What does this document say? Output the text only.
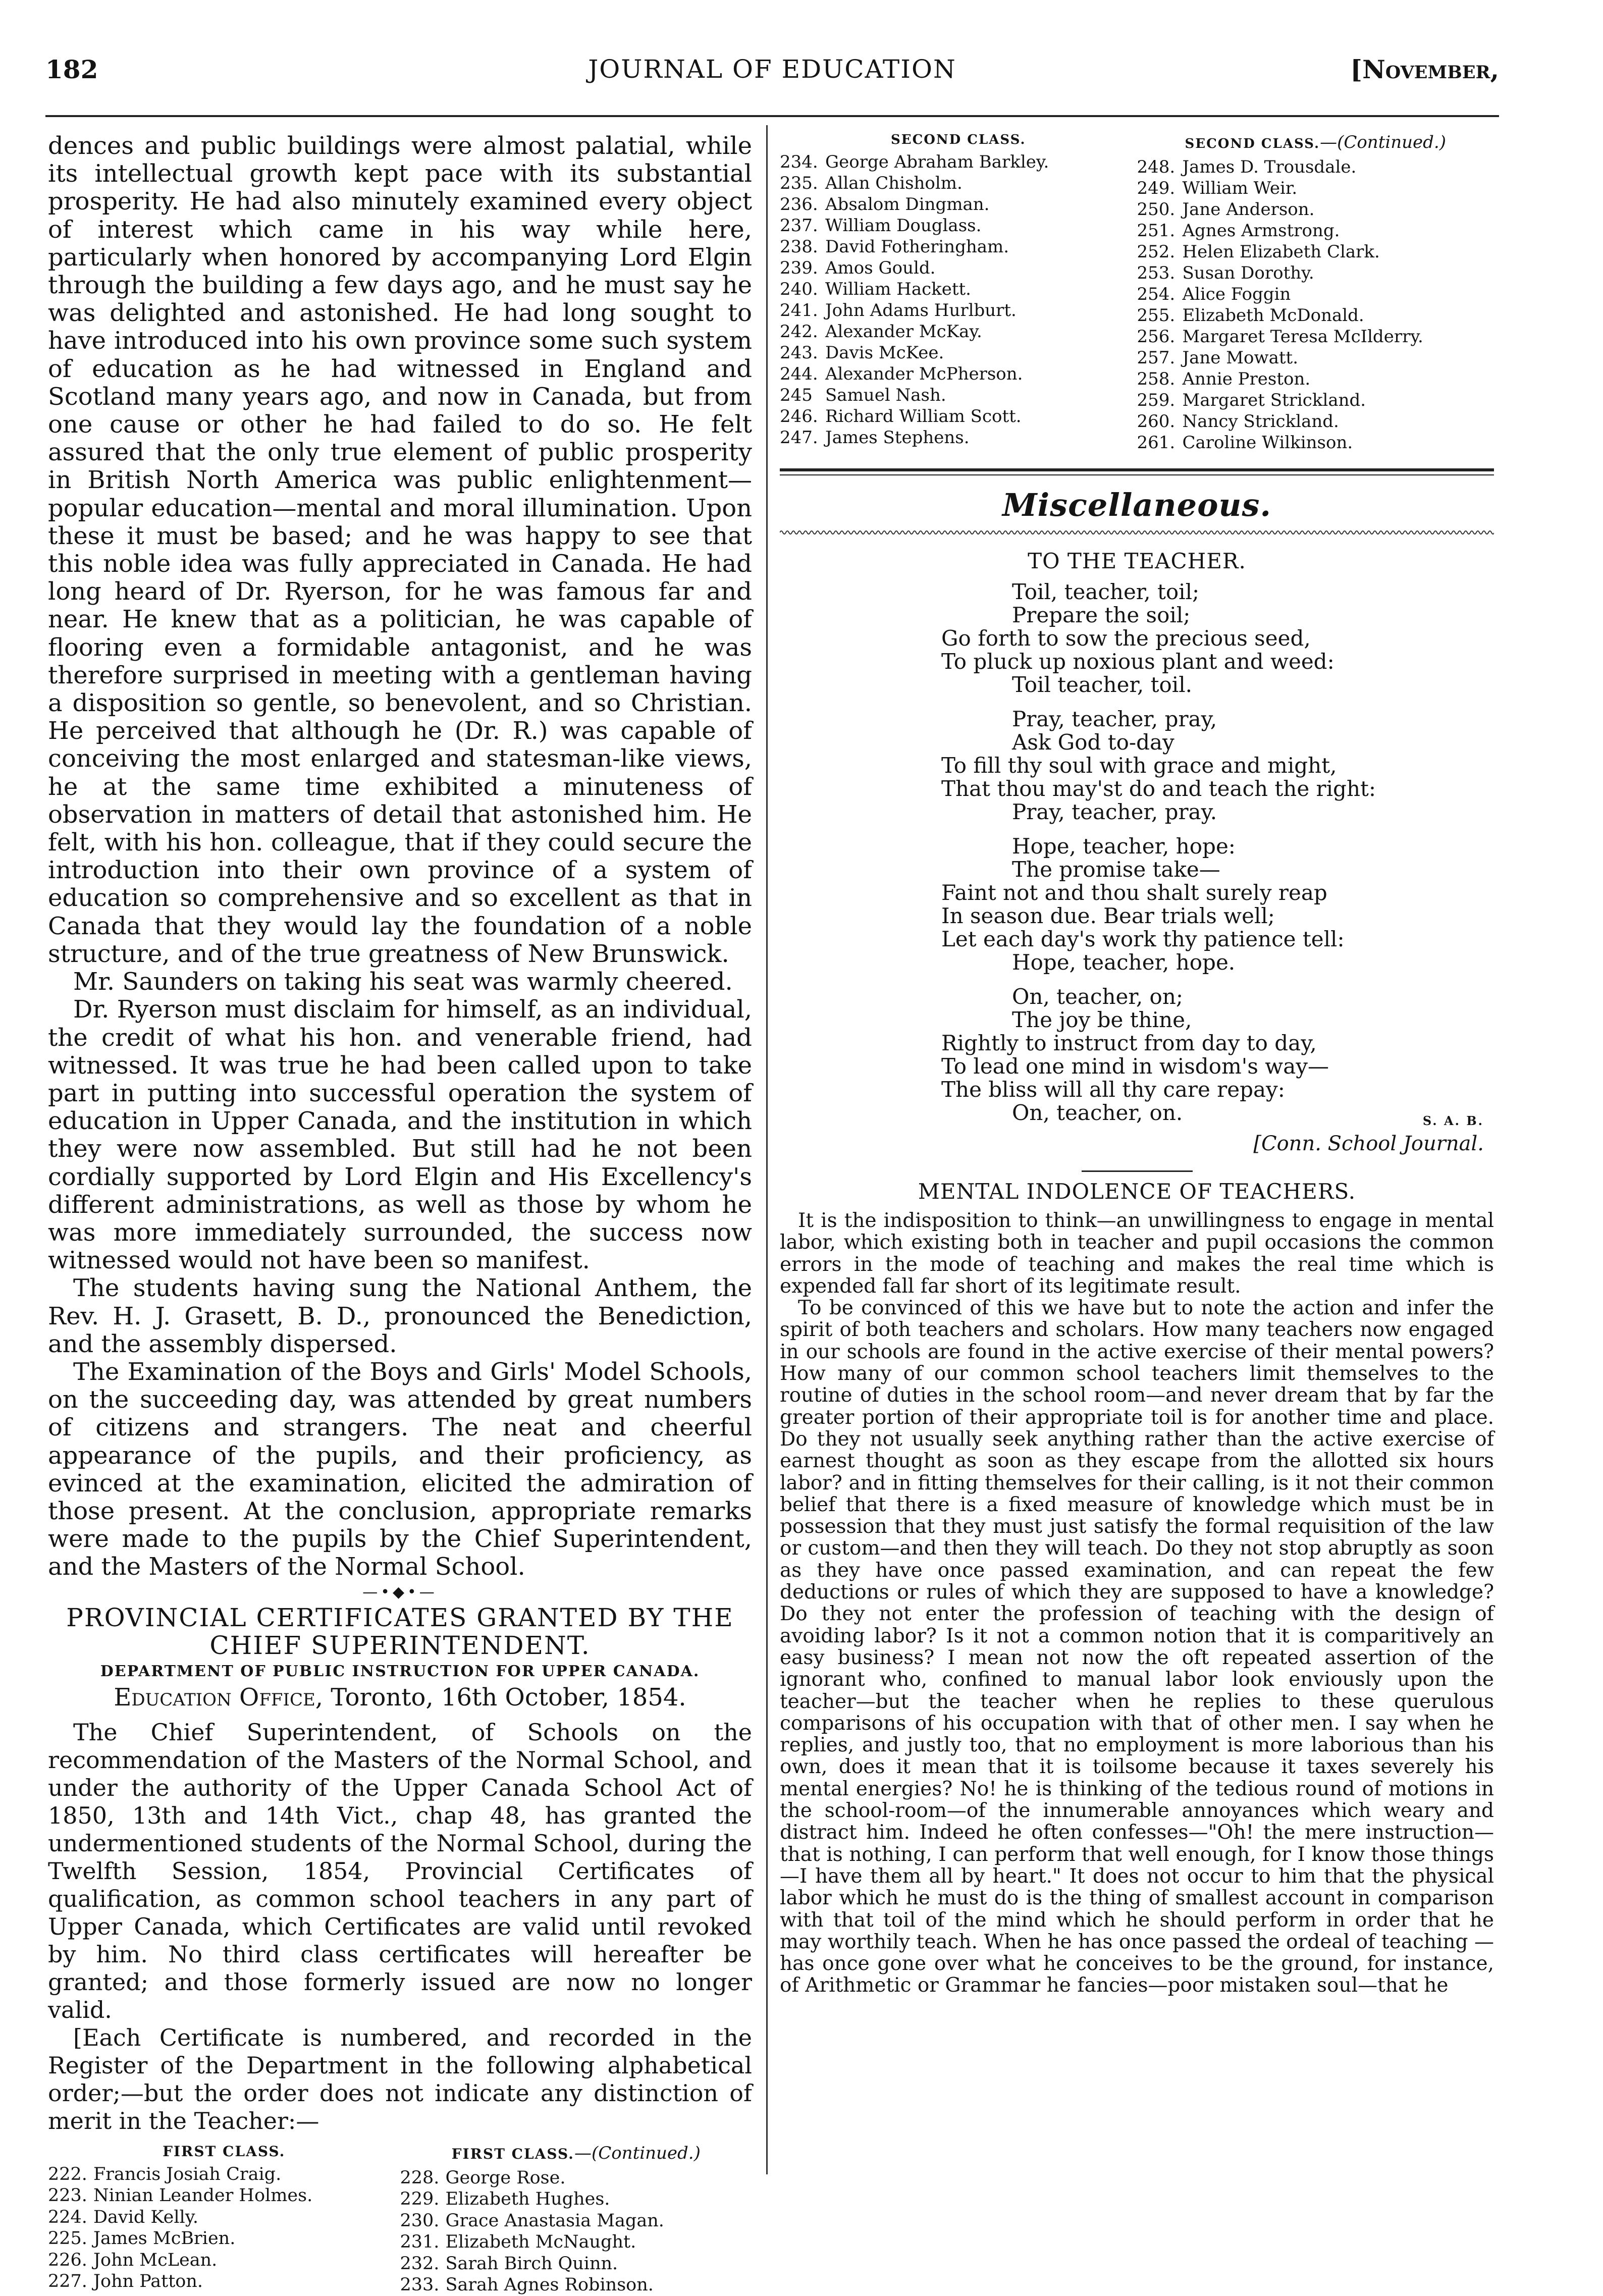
182	JOURNAL OF EDUCATION	[November,

dences and public buildings were almost palatial, while its intellectual growth kept pace with its substantial prosperity. He had also minutely examined every object of interest which came in his way while here, particularly when honored by accompanying Lord Elgin through the building a few days ago, and he must say he was delighted and astonished. He had long sought to have introduced into his own province some such system of education as he had witnessed in England and Scotland many years ago, and now in Canada, but from one cause or other he had failed to do so. He felt assured that the only true element of public prosperity in British North America was public enlightenment—popular education—mental and moral illumination. Upon these it must be based; and he was happy to see that this noble idea was fully appreciated in Canada. He had long heard of Dr. Ryerson, for he was famous far and near. He knew that as a politician, he was capable of flooring even a formidable antagonist, and he was therefore surprised in meeting with a gentleman having a disposition so gentle, so benevolent, and so Christian. He perceived that although he (Dr. R.) was capable of conceiving the most enlarged and statesman-like views, he at the same time exhibited a minuteness of observation in matters of detail that astonished him. He felt, with his hon. colleague, that if they could secure the introduction into their own province of a system of education so comprehensive and so excellent as that in Canada that they would lay the foundation of a noble structure, and of the true greatness of New Brunswick.

Mr. Saunders on taking his seat was warmly cheered.

Dr. Ryerson must disclaim for himself, as an individual, the credit of what his hon. and venerable friend, had witnessed. It was true he had been called upon to take part in putting into successful operation the system of education in Upper Canada, and the institution in which they were now assembled. But still had he not been cordially supported by Lord Elgin and His Excellency's different administrations, as well as those by whom he was more immediately surrounded, the success now witnessed would not have been so manifest.

The students having sung the National Anthem, the Rev. H. J. Grasett, B. D., pronounced the Benediction, and the assembly dispersed.

The Examination of the Boys and Girls' Model Schools, on the succeeding day, was attended by great numbers of citizens and strangers. The neat and cheerful appearance of the pupils, and their proficiency, as evinced at the examination, elicited the admiration of those present. At the conclusion, appropriate remarks were made to the pupils by the Chief Superintendent, and the Masters of the Normal School.

—•◆•—

PROVINCIAL CERTIFICATES GRANTED BY THE CHIEF SUPERINTENDENT.

DEPARTMENT OF PUBLIC INSTRUCTION FOR UPPER CANADA.

Education Office, Toronto, 16th October, 1854.

The Chief Superintendent, of Schools on the recommendation of the Masters of the Normal School, and under the authority of the Upper Canada School Act of 1850, 13th and 14th Vict., chap 48, has granted the undermentioned students of the Normal School, during the Twelfth Session, 1854, Provincial Certificates of qualification, as common school teachers in any part of Upper Canada, which Certificates are valid until revoked by him. No third class certificates will hereafter be granted; and those formerly issued are now no longer valid.

[Each Certificate is numbered, and recorded in the Register of the Department in the following alphabetical order;—but the order does not indicate any distinction of merit in the Teacher:—

FIRST CLASS.
222. Francis Josiah Craig.
223. Ninian Leander Holmes.
224. David Kelly.
225. James McBrien.
226. John McLean.
227. John Patton.
FIRST CLASS.—(Continued.)
228. George Rose.
229. Elizabeth Hughes.
230. Grace Anastasia Magan.
231. Elizabeth McNaught.
232. Sarah Birch Quinn.
233. Sarah Agnes Robinson.
SECOND CLASS.
234. George Abraham Barkley.
235. Allan Chisholm.
236. Absalom Dingman.
237. William Douglass.
238. David Fotheringham.
239. Amos Gould.
240. William Hackett.
241. John Adams Hurlburt.
242. Alexander McKay.
243. Davis McKee.
244. Alexander McPherson.
245 Samuel Nash.
246. Richard William Scott.
247. James Stephens.
SECOND CLASS.—(Continued.)
248. James D. Trousdale.
249. William Weir.
250. Jane Anderson.
251. Agnes Armstrong.
252. Helen Elizabeth Clark.
253. Susan Dorothy.
254. Alice Foggin
255. Elizabeth McDonald.
256. Margaret Teresa McIlderry.
257. Jane Mowatt.
258. Annie Preston.
259. Margaret Strickland.
260. Nancy Strickland.
261. Caroline Wilkinson.
Miscellaneous.
TO THE TEACHER.
Toil, teacher, toil;
Prepare the soil;
Go forth to sow the precious seed,
To pluck up noxious plant and weed:
Toil teacher, toil.
Pray, teacher, pray,
Ask God to-day
To fill thy soul with grace and might,
That thou may'st do and teach the right:
Pray, teacher, pray.
Hope, teacher, hope:
The promise take—
Faint not and thou shalt surely reap
In season due. Bear trials well;
Let each day's work thy patience tell:
Hope, teacher, hope.
On, teacher, on;
The joy be thine,
Rightly to instruct from day to day,
To lead one mind in wisdom's way—
The bliss will all thy care repay:
On, teacher, on.	S. A. B.
[Conn. School Journal.
MENTAL INDOLENCE OF TEACHERS.

It is the indisposition to think—an unwillingness to engage in mental labor, which existing both in teacher and pupil occasions the common errors in the mode of teaching and makes the real time which is expended fall far short of its legitimate result.

To be convinced of this we have but to note the action and infer the spirit of both teachers and scholars. How many teachers now engaged in our schools are found in the active exercise of their mental powers? How many of our common school teachers limit themselves to the routine of duties in the school room—and never dream that by far the greater portion of their appropriate toil is for another time and place. Do they not usually seek anything rather than the active exercise of earnest thought as soon as they escape from the allotted six hours labor? and in fitting themselves for their calling, is it not their common belief that there is a fixed measure of knowledge which must be in possession that they must just satisfy the formal requisition of the law or custom—and then they will teach. Do they not stop abruptly as soon as they have once passed examination, and can repeat the few deductions or rules of which they are supposed to have a knowledge? Do they not enter the profession of teaching with the design of avoiding labor? Is it not a common notion that it is comparitively an easy business? I mean not now the oft repeated assertion of the ignorant who, confined to manual labor look enviously upon the teacher—but the teacher when he replies to these querulous comparisons of his occupation with that of other men. I say when he replies, and justly too, that no employment is more laborious than his own, does it mean that it is toilsome because it taxes severely his mental energies? No! he is thinking of the tedious round of motions in the school-room—of the innumerable annoyances which weary and distract him. Indeed he often confesses—"Oh! the mere instruction—that is nothing, I can perform that well enough, for I know those things—I have them all by heart." It does not occur to him that the physical labor which he must do is the thing of smallest account in comparison with that toil of the mind which he should perform in order that he may worthily teach. When he has once passed the ordeal of teaching —has once gone over what he conceives to be the ground, for instance, of Arithmetic or Grammar he fancies—poor mistaken soul—that he
